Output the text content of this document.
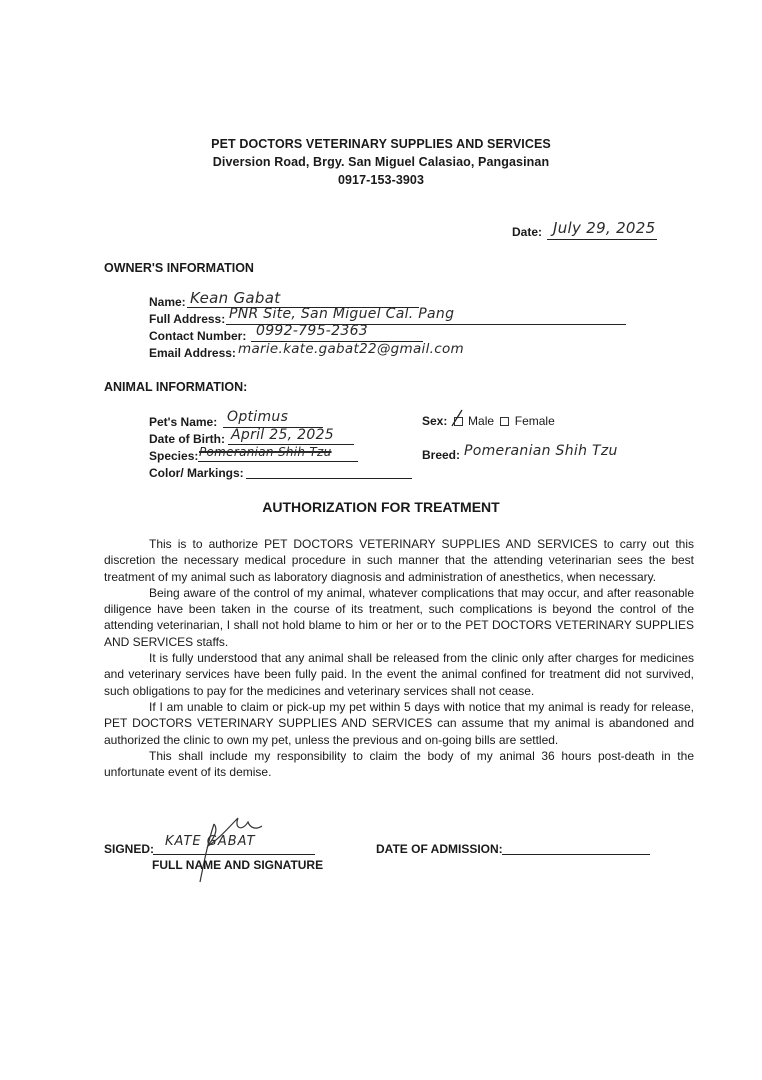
PET DOCTORS VETERINARY SUPPLIES AND SERVICES
Diversion Road, Brgy. San Miguel Calasiao, Pangasinan
0917-153-3903
Date: July 29, 2025
OWNER'S INFORMATION
Name: Kean Gabat
Full Address: PNR Site, San Miguel Cal. Pang
Contact Number: 0992-795-2363
Email Address: marie.kate.gabat22@gmail.com
ANIMAL INFORMATION:
Pet's Name: Optimus
Date of Birth: April 25, 2025
Species: Pomeranian Shih Tzu
Color/ Markings:
Sex: Male Female
Breed: Pomeranian Shih Tzu
AUTHORIZATION FOR TREATMENT

This is to authorize PET DOCTORS VETERINARY SUPPLIES AND SERVICES to carry out this discretion the necessary medical procedure in such manner that the attending veterinarian sees the best treatment of my animal such as laboratory diagnosis and administration of anesthetics, when necessary.

Being aware of the control of my animal, whatever complications that may occur, and after reasonable diligence have been taken in the course of its treatment, such complications is beyond the control of the attending veterinarian, I shall not hold blame to him or her or to the PET DOCTORS VETERINARY SUPPLIES AND SERVICES staffs.

It is fully understood that any animal shall be released from the clinic only after charges for medicines and veterinary services have been fully paid. In the event the animal confined for treatment did not survived, such obligations to pay for the medicines and veterinary services shall not cease.

If I am unable to claim or pick-up my pet within 5 days with notice that my animal is ready for release, PET DOCTORS VETERINARY SUPPLIES AND SERVICES can assume that my animal is abandoned and authorized the clinic to own my pet, unless the previous and on-going bills are settled.

This shall include my responsibility to claim the body of my animal 36 hours post-death in the unfortunate event of its demise.

SIGNED: KATE GABAT
FULL NAME AND SIGNATURE
DATE OF ADMISSION:
